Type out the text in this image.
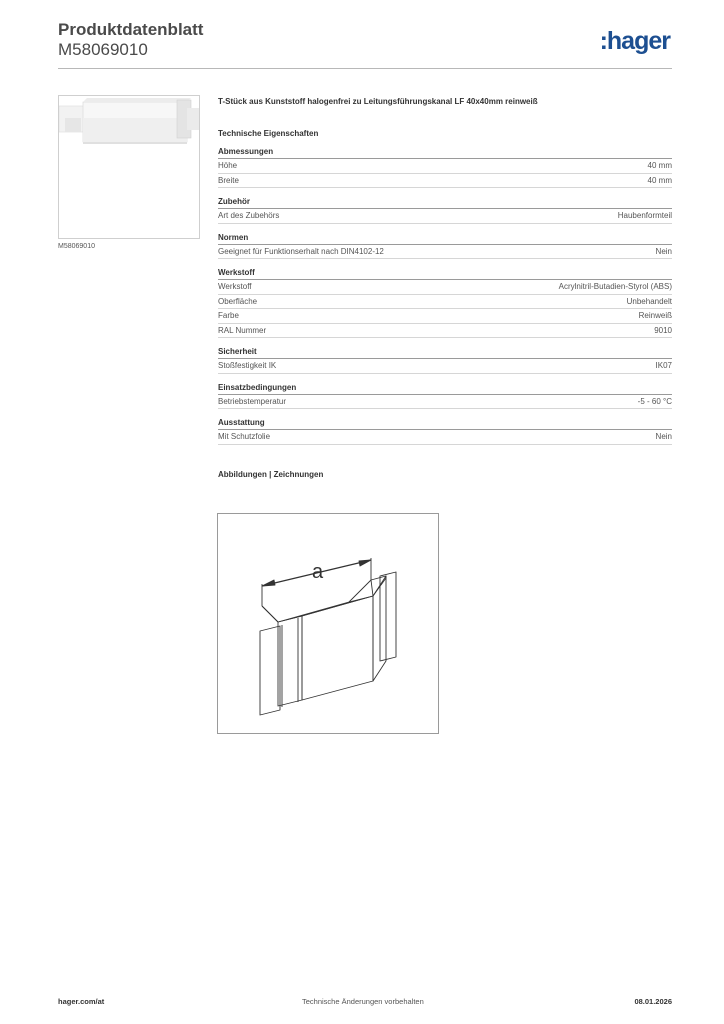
Produktdatenblatt
M58069010	:hager
M58069010
T-Stück aus Kunststoff halogenfrei zu Leitungsführungskanal LF 40x40mm reinweiß
Technische Eigenschaften
Abmessungen
Höhe	40 mm
Breite	40 mm
Zubehör
Art des Zubehörs	Haubenformteil
Normen
Geeignet für Funktionserhalt nach DIN4102-12	Nein
Werkstoff
Werkstoff	Acrylnitril-Butadien-Styrol (ABS)
Oberfläche	Unbehandelt
Farbe	Reinweiß
RAL Nummer	9010
Sicherheit
Stoßfestigkeit IK	IK07
Einsatzbedingungen
Betriebstemperatur	-5 - 60 °C
Ausstattung
Mit Schutzfolie	Nein
Abbildungen | Zeichnungen
a
hager.com/at	Technische Änderungen vorbehalten	08.01.2026
